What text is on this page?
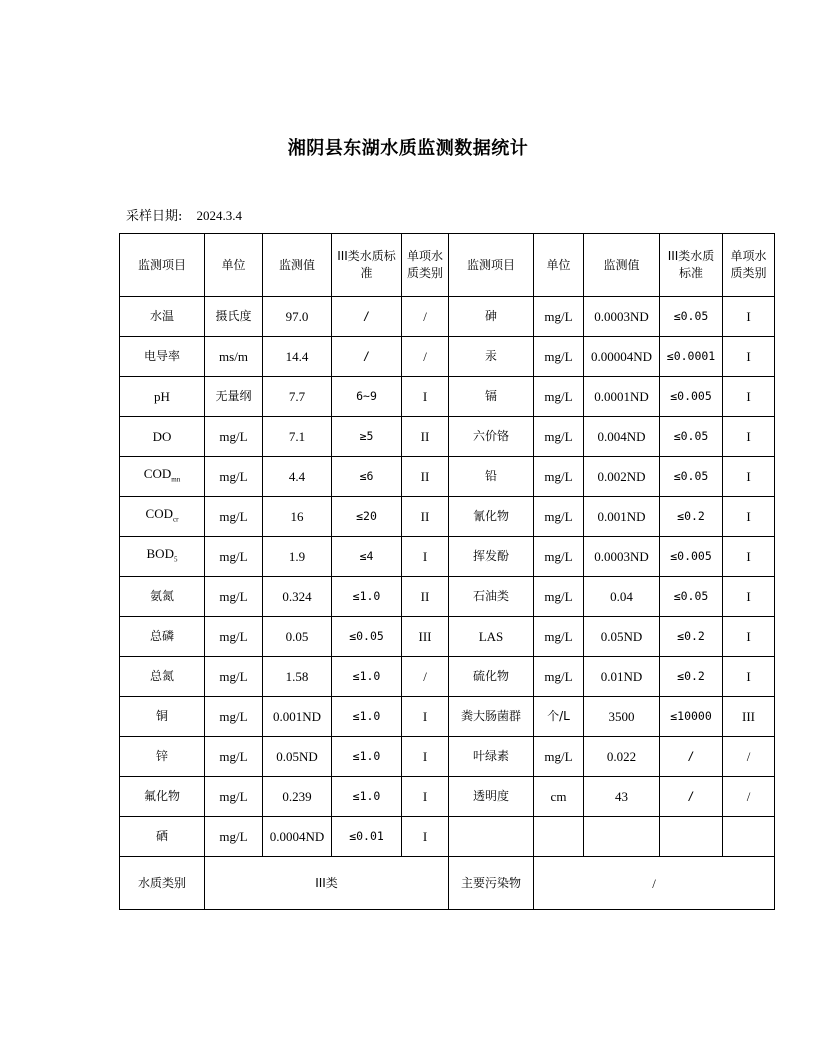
湘阴县东湖水质监测数据统计
采样日期: 2024.3.4
监测项目	单位	监测值	III类水质标准	单项水质类别	监测项目	单位	监测值	III类水质标准	单项水质类别
水温	摄氏度	97.0	/	/	砷	mg/L	0.0003ND	≤0.05	I
电导率	ms/m	14.4	/	/	汞	mg/L	0.00004ND	≤0.0001	I
pH	无量纲	7.7	6~9	I	镉	mg/L	0.0001ND	≤0.005	I
DO	mg/L	7.1	≥5	II	六价铬	mg/L	0.004ND	≤0.05	I
$COD_{mn}$	mg/L	4.4	≤6	II	铅	mg/L	0.002ND	≤0.05	I
$COD_{cr}$	mg/L	16	≤20	II	氰化物	mg/L	0.001ND	≤0.2	I
$BOD_5$	mg/L	1.9	≤4	I	挥发酚	mg/L	0.0003ND	≤0.005	I
氨氮	mg/L	0.324	≤1.0	II	石油类	mg/L	0.04	≤0.05	I
总磷	mg/L	0.05	≤0.05	III	LAS	mg/L	0.05ND	≤0.2	I
总氮	mg/L	1.58	≤1.0	/	硫化物	mg/L	0.01ND	≤0.2	I
铜	mg/L	0.001ND	≤1.0	I	粪大肠菌群	个/L	3500	≤10000	III
锌	mg/L	0.05ND	≤1.0	I	叶绿素	mg/L	0.022	/	/
氟化物	mg/L	0.239	≤1.0	I	透明度	cm	43	/	/
硒	mg/L	0.0004ND	≤0.01	I					
水质类别	III类				主要污染物	/			
